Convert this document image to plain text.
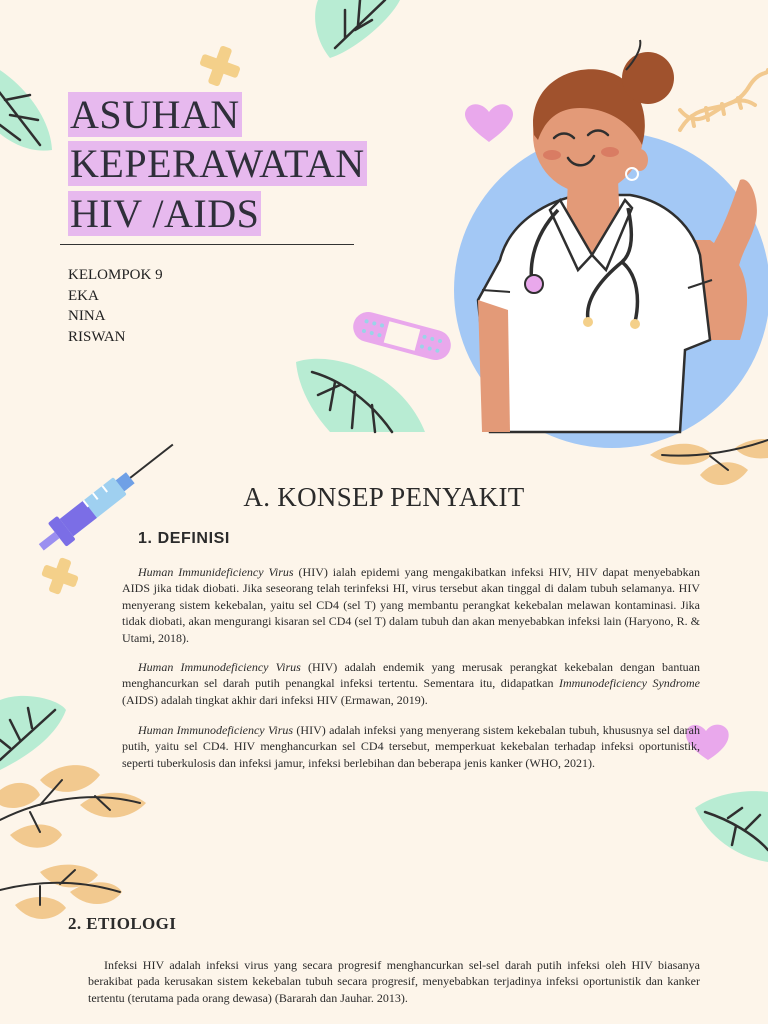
ASUHAN
KEPERAWATAN
HIV /AIDS
KELOMPOK 9
EKA
NINA
RISWAN
A. KONSEP PENYAKIT
1. DEFINISI
Human Immunideficiency Virus (HIV) ialah epidemi yang mengakibatkan infeksi HIV, HIV dapat menyebabkan AIDS jika tidak diobati. Jika seseorang telah terinfeksi HI, virus tersebut akan tinggal di dalam tubuh selamanya. HIV menyerang sistem kekebalan, yaitu sel CD4 (sel T) yang membantu perangkat kekebalan melawan kontaminasi. Jika tidak diobati, akan mengurangi kisaran sel CD4 (sel T) dalam tubuh dan akan menyebabkan infeksi lain (Haryono, R. & Utami, 2018).
Human Immunodeficiency Virus (HIV) adalah endemik yang merusak perangkat kekebalan dengan bantuan menghancurkan sel darah putih penangkal infeksi tertentu. Sementara itu, didapatkan Immunodeficiency Syndrome (AIDS) adalah tingkat akhir dari infeksi HIV (Ermawan, 2019).
Human Immunodeficiency Virus (HIV) adalah infeksi yang menyerang sistem kekebalan tubuh, khususnya sel darah putih, yaitu sel CD4. HIV menghancurkan sel CD4 tersebut, memperkuat kekebalan terhadap infeksi oportunistik, seperti tuberkulosis dan infeksi jamur, infeksi berlebihan dan beberapa jenis kanker (WHO, 2021).
2. ETIOLOGI
Infeksi HIV adalah infeksi virus yang secara progresif menghancurkan sel-sel darah putih infeksi oleh HIV biasanya berakibat pada kerusakan sistem kekebalan tubuh secara progresif, menyebabkan terjadinya infeksi oportunistik dan kanker tertentu (terutama pada orang dewasa) (Bararah dan Jauhar. 2013).
